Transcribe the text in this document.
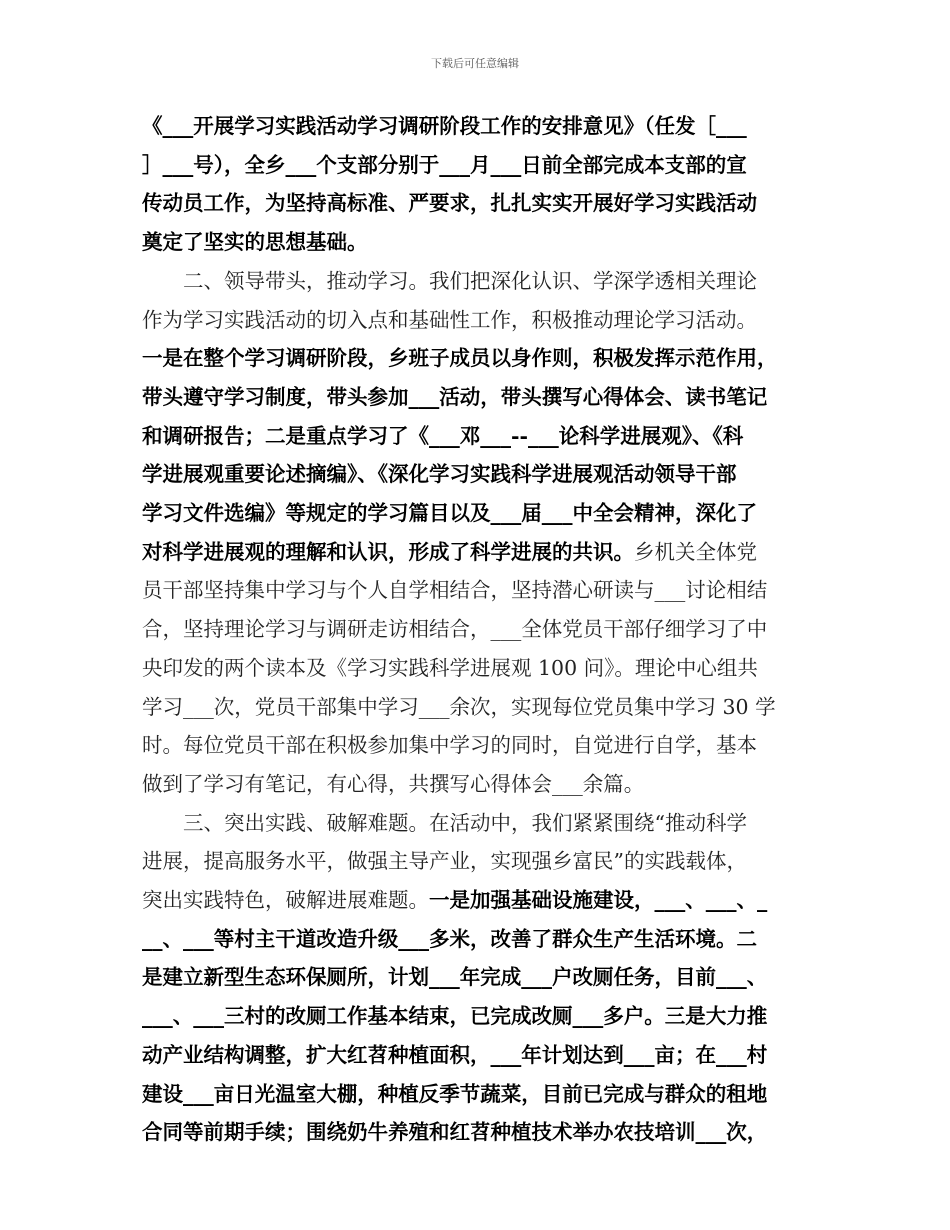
下载后可任意编辑
《___开展学习实践活动学习调研阶段工作的安排意见》（任发［___
］___号），全乡___个支部分别于___月___日前全部完成本支部的宣
传动员工作，为坚持高标准、严要求，扎扎实实开展好学习实践活动
奠定了坚实的思想基础。
　　二、领导带头，推动学习。我们把深化认识、学深学透相关理论
作为学习实践活动的切入点和基础性工作，积极推动理论学习活动。
一是在整个学习调研阶段，乡班子成员以身作则，积极发挥示范作用，
带头遵守学习制度，带头参加___活动，带头撰写心得体会、读书笔记
和调研报告；二是重点学习了《___邓___--___论科学进展观》、《科
学进展观重要论述摘编》、《深化学习实践科学进展观活动领导干部
学习文件选编》等规定的学习篇目以及___届___中全会精神，深化了
对科学进展观的理解和认识，形成了科学进展的共识。乡机关全体党
员干部坚持集中学习与个人自学相结合，坚持潜心研读与___讨论相结
合，坚持理论学习与调研走访相结合，___全体党员干部仔细学习了中
央印发的两个读本及《学习实践科学进展观 100 问》。理论中心组共
学习___次，党员干部集中学习___余次，实现每位党员集中学习 30 学
时。每位党员干部在积极参加集中学习的同时，自觉进行自学，基本
做到了学习有笔记，有心得，共撰写心得体会___余篇。
　　三、突出实践、破解难题。在活动中，我们紧紧围绕“推动科学
进展，提高服务水平，做强主导产业，实现强乡富民”的实践载体，
突出实践特色，破解进展难题。一是加强基础设施建设，___、___、_
__、___等村主干道改造升级___多米，改善了群众生产生活环境。二
是建立新型生态环保厕所，计划___年完成___户改厕任务，目前___、
___、___三村的改厕工作基本结束，已完成改厕___多户。三是大力推
动产业结构调整，扩大红苕种植面积，___年计划达到___亩；在___村
建设___亩日光温室大棚，种植反季节蔬菜，目前已完成与群众的租地
合同等前期手续；围绕奶牛养殖和红苕种植技术举办农技培训___次，
